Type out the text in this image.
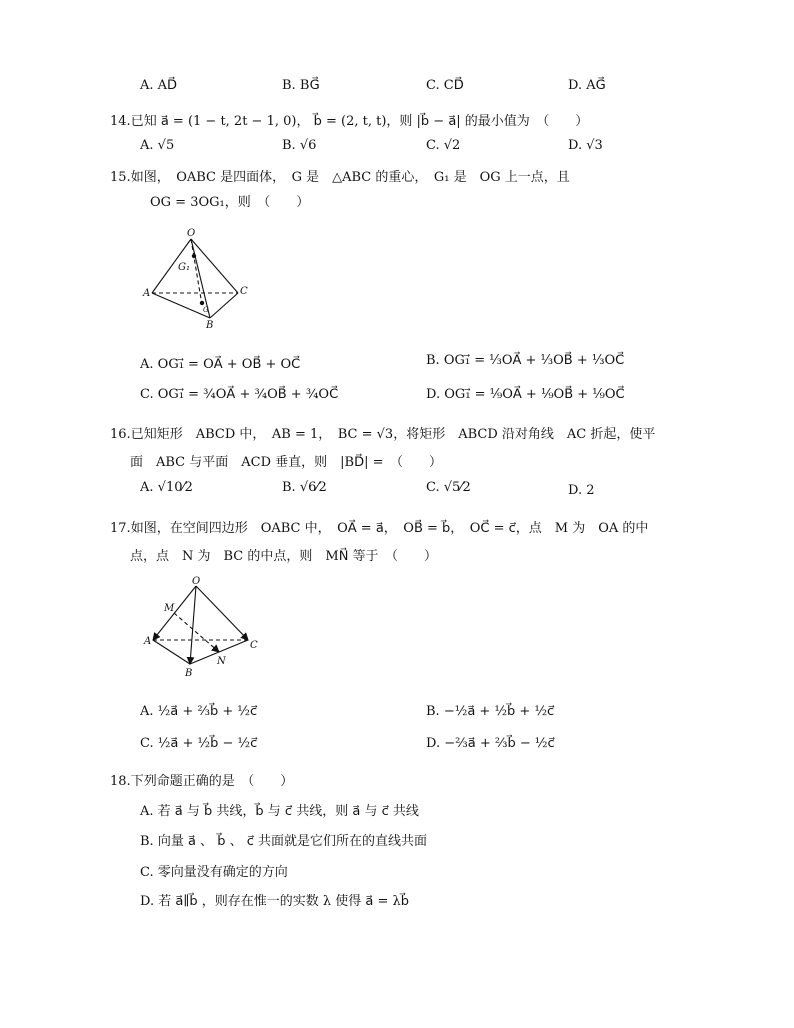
A. AD⃗	B. BG⃗	C. CD⃗	D. AG⃗
14.已知 a⃗ = (1 − t, 2t − 1, 0)， b⃗ = (2, t, t)，则 |b⃗ − a⃗| 的最小值为　（　　）
A. √5	B. √6	C. √2	D. √3
15.如图，　OABC 是四面体，　G 是　△ABC 的重心，　G₁ 是　OG 上一点，且
OG = 3OG₁，则　（　　）
O
G₁
A
B
C
G
A. OG₁⃗ = OA⃗ + OB⃗ + OC⃗	B. OG₁⃗ = ⅓OA⃗ + ⅓OB⃗ + ⅓OC⃗
C. OG₁⃗ = ¾OA⃗ + ¾OB⃗ + ¾OC⃗	D. OG₁⃗ = ⅑OA⃗ + ⅑OB⃗ + ⅑OC⃗
16.已知矩形　ABCD 中，　AB = 1，　BC = √3，将矩形　ABCD 沿对角线　AC 折起，使平
面　ABC 与平面　ACD 垂直，则　|BD⃗| =　（　　）
A. √10⁄2	B. √6⁄2	C. √5⁄2	D. 2
17.如图，在空间四边形　OABC 中，　OA⃗ = a⃗，　OB⃗ = b⃗，　OC⃗ = c⃗，点　M 为　OA 的中
点，点　N 为　BC 的中点，则　MN⃗ 等于　（　　）
O
M
A
B
C
N
A. ½a⃗ + ⅔b⃗ + ½c⃗	B. −½a⃗ + ½b⃗ + ½c⃗
C. ½a⃗ + ½b⃗ − ½c⃗	D. −⅔a⃗ + ⅔b⃗ − ½c⃗
18.下列命题正确的是　（　　）
A. 若 a⃗ 与 b⃗ 共线，b⃗ 与 c⃗ 共线，则 a⃗ 与 c⃗ 共线
B. 向量 a⃗ 、 b⃗ 、 c⃗ 共面就是它们所在的直线共面
C. 零向量没有确定的方向
D. 若 a⃗∥b⃗ ，则存在惟一的实数 λ 使得 a⃗ = λb⃗
